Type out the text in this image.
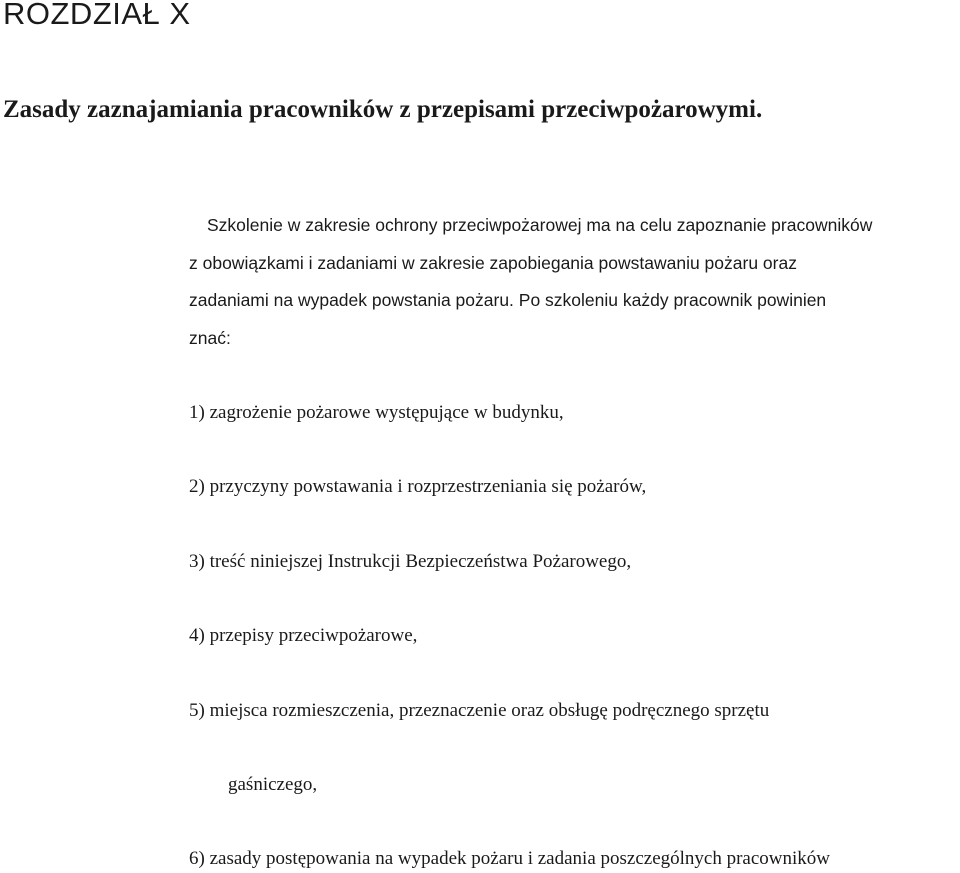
ROZDZIAŁ X
Zasady zaznajamiania pracowników z przepisami przeciwpożarowymi.

Szkolenie w zakresie ochrony przeciwpożarowej ma na celu zapoznanie pracowników

z obowiązkami i zadaniami w zakresie zapobiegania powstawaniu pożaru oraz

zadaniami na wypadek powstania pożaru. Po szkoleniu każdy pracownik powinien

znać:

1) zagrożenie pożarowe występujące w budynku,

2) przyczyny powstawania i rozprzestrzeniania się pożarów,

3) treść niniejszej Instrukcji Bezpieczeństwa Pożarowego,

4) przepisy przeciwpożarowe,

5) miejsca rozmieszczenia, przeznaczenie oraz obsługę podręcznego sprzętu

gaśniczego,

6) zasady postępowania na wypadek pożaru i zadania poszczególnych pracowników
